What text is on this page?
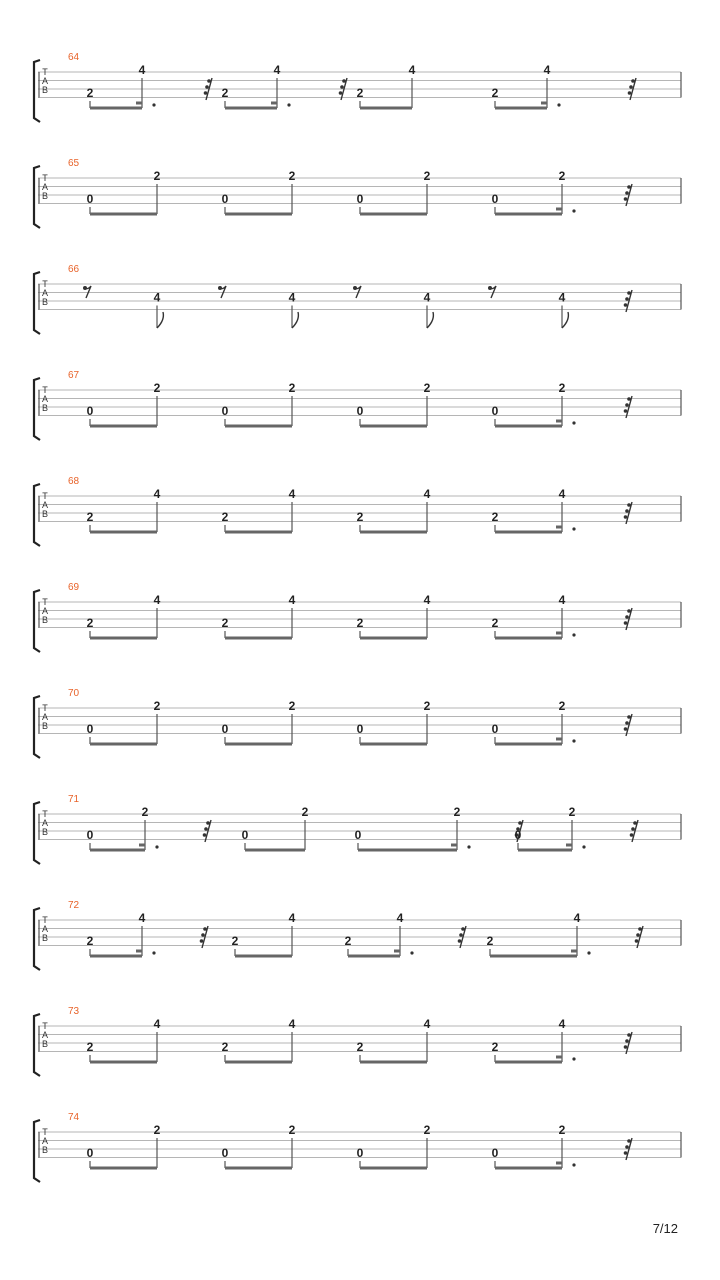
64
T
A
B	2
4
2
4
2
4
2
4
65
T
A
B	0
2
0
2
0
2
0
2
66
T
A
B	4	4	4	4
67
T
A
B	0
2
0
2
0
2
0
2
68
T
A
B	2
4
2
4
2
4
2
4
69
T
A
B	2
4
2
4
2
4
2
4
70
T
A
B	0
2
0
2
0
2
0
2
71
T
A
B	0
2
0
2
0
2
0
2
72
T
A
B	2
4
2
4
2
4
2
4
73
T
A
B	2
4
2
4
2
4
2
4
74
T
A
B	0
2
0
2
0
2
0
2
7/12
